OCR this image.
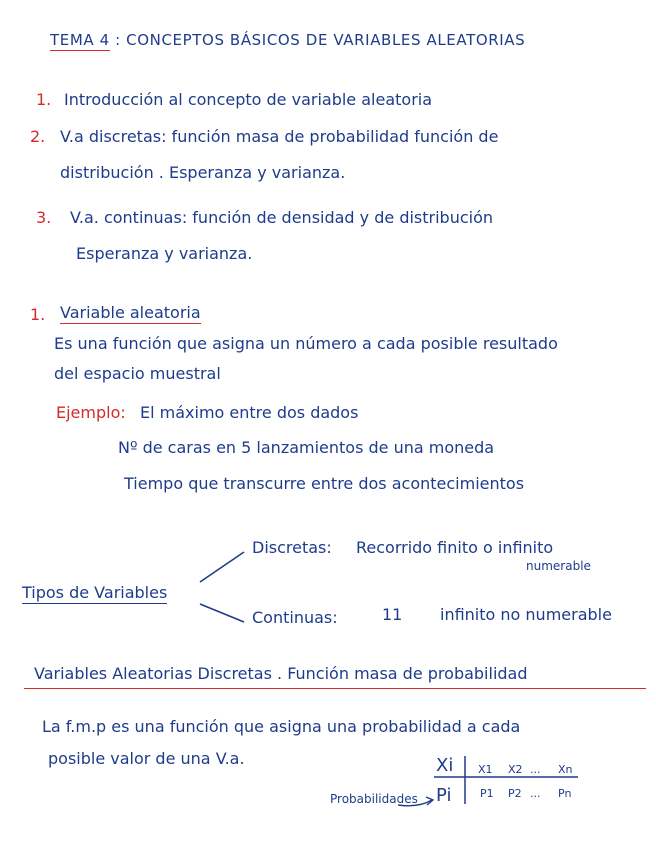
TEMA 4 : CONCEPTOS BÁSICOS DE VARIABLES ALEATORIAS
1. Introducción al concepto de variable aleatoria
2. V.a discretas: función masa de probabilidad función de
distribución . Esperanza y varianza.
3. V.a. continuas: función de densidad y de distribución
Esperanza y varianza.
1. Variable aleatoria
Es una función que asigna un número a cada posible resultado
del espacio muestral
Ejemplo: El máximo entre dos dados
Nº de caras en 5 lanzamientos de una moneda
Tiempo que transcurre entre dos acontecimientos
Tipos de Variables
Discretas: Recorrido finito o infinito
numerable
Continuas:	11 infinito no numerable
Variables Aleatorias Discretas . Función masa de probabilidad
La f.m.p es una función que asigna una probabilidad a cada
posible valor de una V.a.	Xi X1 X2 ... Xn
Probabilidades Pi	P1 P2 ... Pn
